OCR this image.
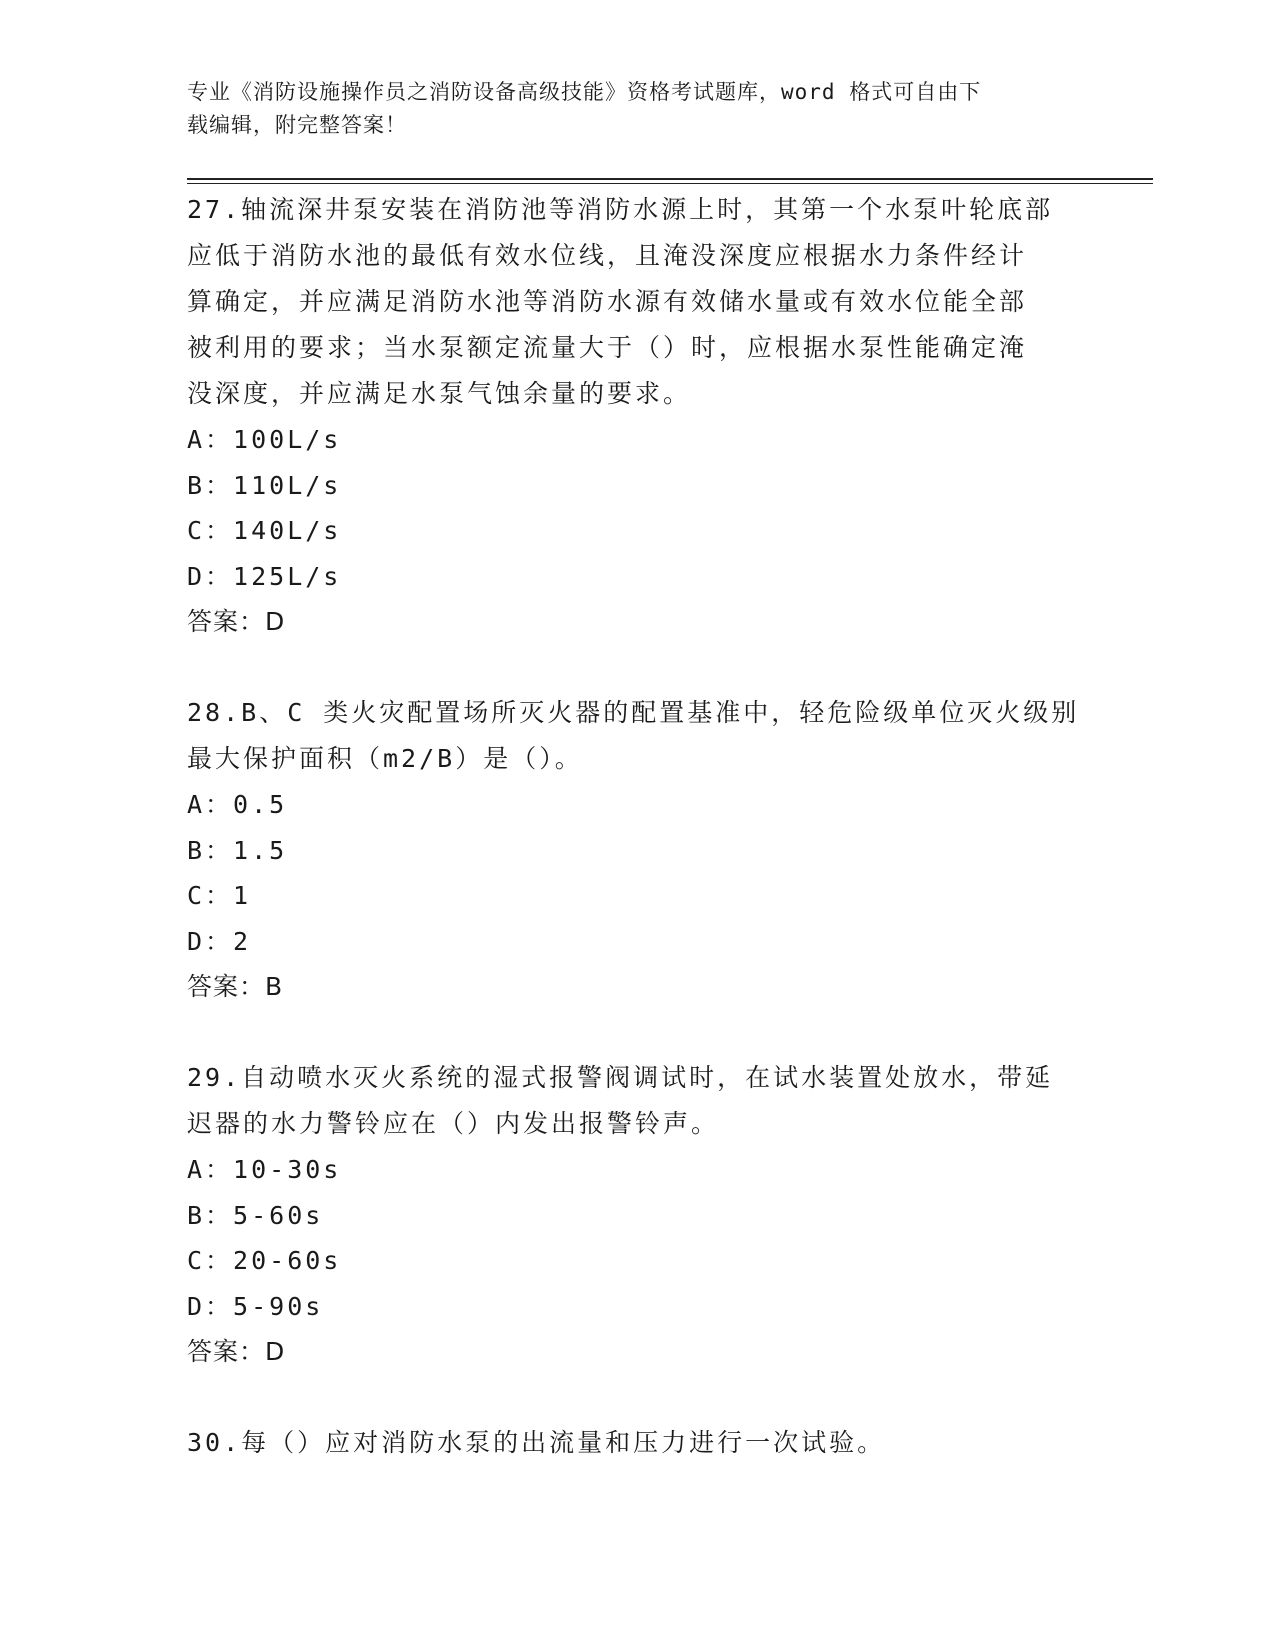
专业《消防设施操作员之消防设备高级技能》资格考试题库，word 格式可自由下
载编辑，附完整答案！

27.轴流深井泵安装在消防池等消防水源上时，其第一个水泵叶轮底部

应低于消防水池的最低有效水位线，且淹没深度应根据水力条件经计

算确定，并应满足消防水池等消防水源有效储水量或有效水位能全部

被利用的要求；当水泵额定流量大于（）时，应根据水泵性能确定淹

没深度，并应满足水泵气蚀余量的要求。

A：100L/s

B：110L/s

C：140L/s

D：125L/s

答案：D

28.B、C 类火灾配置场所灭火器的配置基准中，轻危险级单位灭火级别

最大保护面积（m2/B）是（）。

A：0.5

B：1.5

C：1

D：2

答案：B

29.自动喷水灭火系统的湿式报警阀调试时，在试水装置处放水，带延

迟器的水力警铃应在（）内发出报警铃声。

A：10-30s

B：5-60s

C：20-60s

D：5-90s

答案：D

30.每（）应对消防水泵的出流量和压力进行一次试验。
